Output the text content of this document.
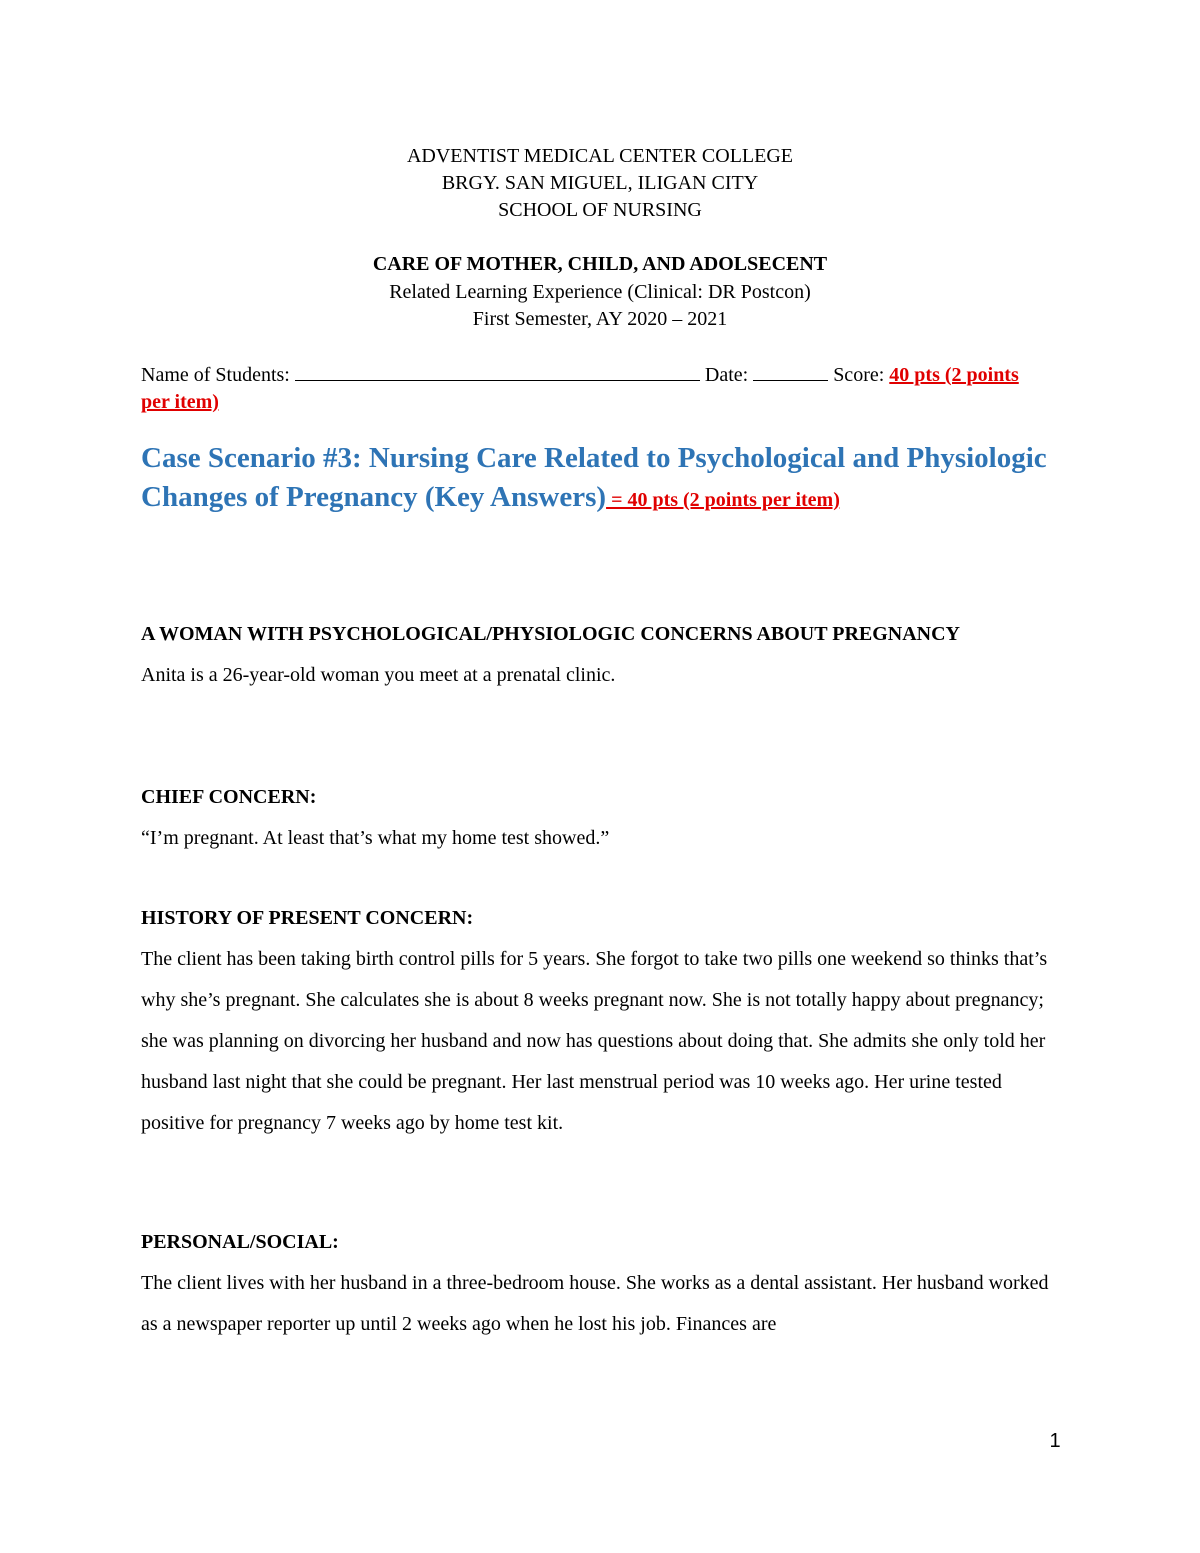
ADVENTIST MEDICAL CENTER COLLEGE
BRGY. SAN MIGUEL, ILIGAN CITY
SCHOOL OF NURSING
CARE OF MOTHER, CHILD, AND ADOLSECENT
Related Learning Experience (Clinical: DR Postcon)
First Semester, AY 2020 – 2021
Name of Students:	Date:	Score: 40 pts (2 points per item)
Case Scenario #3: Nursing Care Related to Psychological and Physiologic Changes of Pregnancy (Key Answers) = 40 pts (2 points per item)
A WOMAN WITH PSYCHOLOGICAL/PHYSIOLOGIC CONCERNS ABOUT PREGNANCY
Anita is a 26-year-old woman you meet at a prenatal clinic.
CHIEF CONCERN:
“I’m pregnant. At least that’s what my home test showed.”
HISTORY OF PRESENT CONCERN:
The client has been taking birth control pills for 5 years. She forgot to take two pills one weekend so thinks that’s why she’s pregnant. She calculates she is about 8 weeks pregnant now. She is not totally happy about pregnancy; she was planning on divorcing her husband and now has questions about doing that. She admits she only told her husband last night that she could be pregnant. Her last menstrual period was 10 weeks ago. Her urine tested positive for pregnancy 7 weeks ago by home test kit.
PERSONAL/SOCIAL:
The client lives with her husband in a three-bedroom house. She works as a dental assistant. Her husband worked as a newspaper reporter up until 2 weeks ago when he lost his job. Finances are
1
